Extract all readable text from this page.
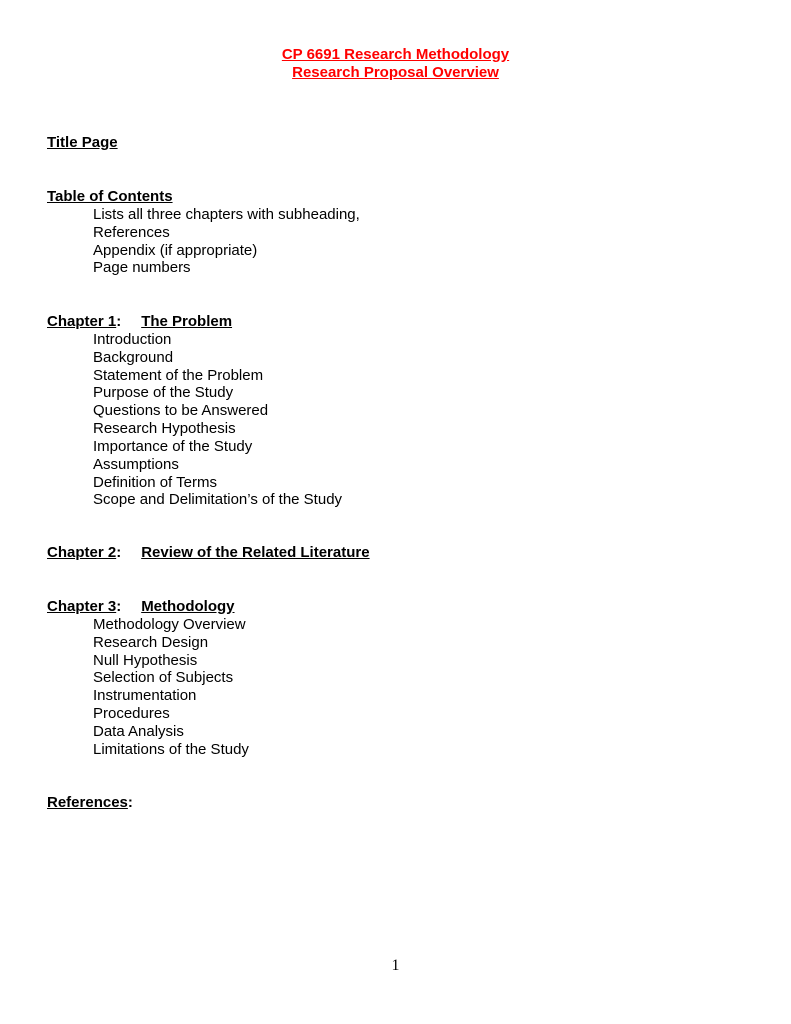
CP 6691 Research Methodology
Research Proposal Overview
Title Page
Table of Contents
Lists all three chapters with subheading,
References
Appendix (if appropriate)
Page numbers
Chapter 1: The Problem
Introduction
Background
Statement of the Problem
Purpose of the Study
Questions to be Answered
Research Hypothesis
Importance of the Study
Assumptions
Definition of Terms
Scope and Delimitation’s of the Study
Chapter 2: Review of the Related Literature
Chapter 3: Methodology
Methodology Overview
Research Design
Null Hypothesis
Selection of Subjects
Instrumentation
Procedures
Data Analysis
Limitations of the Study
References:
1
